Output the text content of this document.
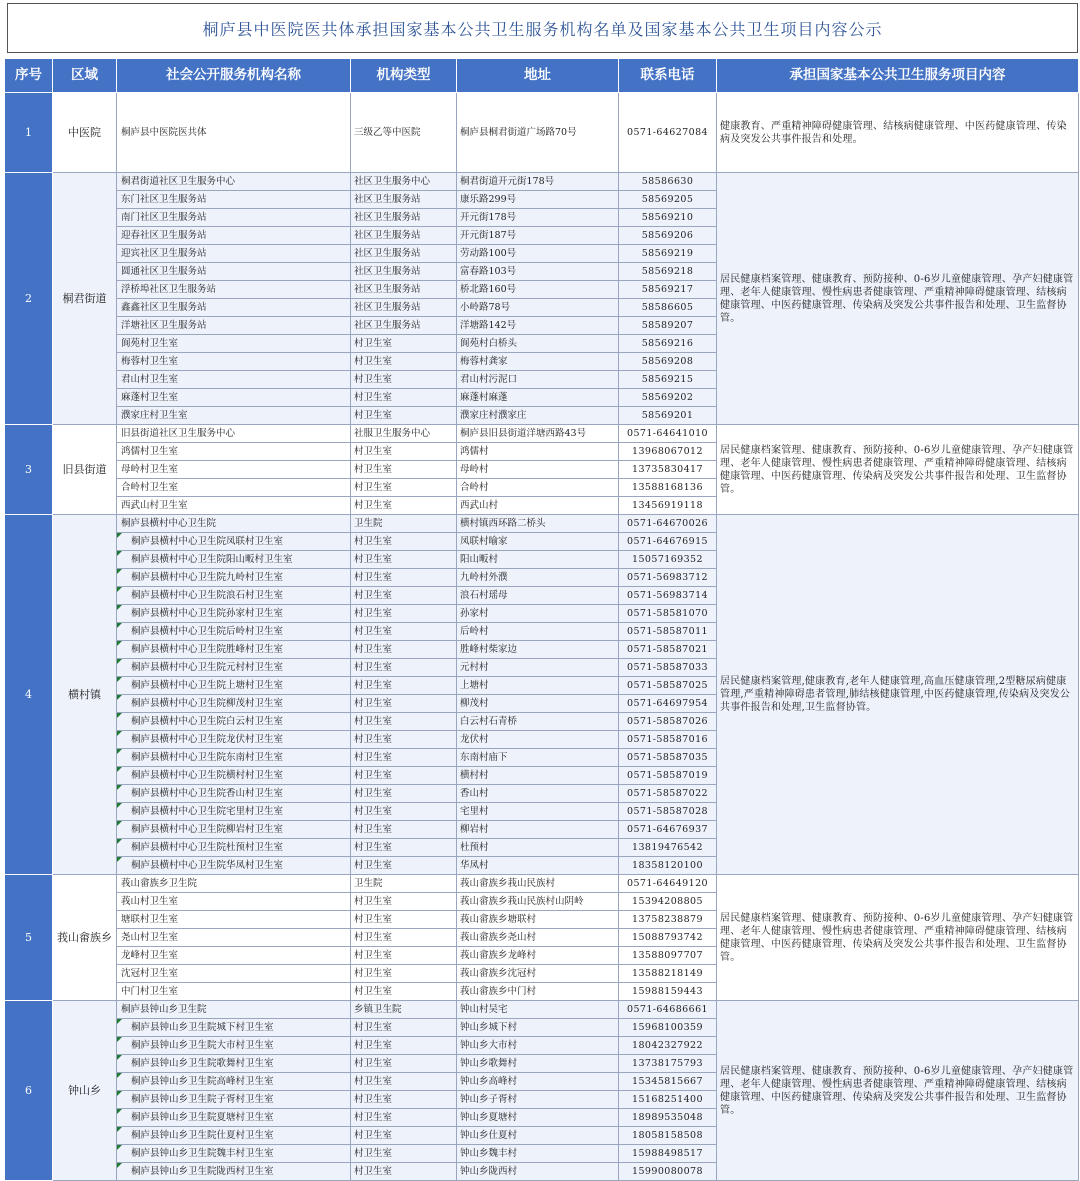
桐庐县中医院医共体承担国家基本公共卫生服务机构名单及国家基本公共卫生项目内容公示
序号	区域	社会公开服务机构名称	机构类型	地址	联系电话	承担国家基本公共卫生服务项目内容
1	中医院	桐庐县中医院医共体	三级乙等中医院	桐庐县桐君街道广场路70号	0571-64627084	健康教育、严重精神障碍健康管理、结核病健康管理、中医药健康管理、传染病及突发公共事件报告和处理。
2	桐君街道	桐君街道社区卫生服务中心	社区卫生服务中心	桐君街道开元街178号	58586630	居民健康档案管理、健康教育、预防接种、0-6岁儿童健康管理、孕产妇健康管理、老年人健康管理、慢性病患者健康管理、严重精神障碍健康管理、结核病健康管理、中医药健康管理、传染病及突发公共事件报告和处理、卫生监督协管。
		东门社区卫生服务站	社区卫生服务站	康乐路299号	58569205	
		南门社区卫生服务站	社区卫生服务站	开元街178号	58569210	
		迎春社区卫生服务站	社区卫生服务站	开元街187号	58569206	
		迎宾社区卫生服务站	社区卫生服务站	劳动路100号	58569219	
		圆通社区卫生服务站	社区卫生服务站	富春路103号	58569218	
		浮桥埠社区卫生服务站	社区卫生服务站	桥北路160号	58569217	
		鑫鑫社区卫生服务站	社区卫生服务站	小岭路78号	58586605	
		洋塘社区卫生服务站	社区卫生服务站	洋塘路142号	58589207	
		阆苑村卫生室	村卫生室	阆苑村白桥头	58569216	
		梅蓉村卫生室	村卫生室	梅蓉村龚家	58569208	
		君山村卫生室	村卫生室	君山村污泥口	58569215	
		麻蓬村卫生室	村卫生室	麻蓬村麻蓬	58569202	
		濮家庄村卫生室	村卫生室	濮家庄村濮家庄	58569201	
3	旧县街道	旧县街道社区卫生服务中心	社服卫生服务中心	桐庐县旧县街道洋塘西路43号	0571-64641010	居民健康档案管理、健康教育、预防接种、0-6岁儿童健康管理、孕产妇健康管理、老年人健康管理、慢性病患者健康管理、严重精神障碍健康管理、结核病健康管理、中医药健康管理、传染病及突发公共事件报告和处理、卫生监督协管。
		鸿儒村卫生室	村卫生室	鸿儒村	13968067012	
		母岭村卫生室	村卫生室	母岭村	13735830417	
		合岭村卫生室	村卫生室	合岭村	13588168136	
		西武山村卫生室	村卫生室	西武山村	13456919118	
4	横村镇	桐庐县横村中心卫生院	卫生院	横村镇西环路二桥头	0571-64670026	居民健康档案管理,健康教育,老年人健康管理,高血压健康管理,2型糖尿病健康管理,严重精神障碍患者管理,肺结核健康管理,中医药健康管理,传染病及突发公共事件报告和处理,卫生监督协管。
		桐庐县横村中心卫生院凤联村卫生室	村卫生室	凤联村喻家	0571-64676915	
		桐庐县横村中心卫生院阳山畈村卫生室	村卫生室	阳山畈村	15057169352	
		桐庐县横村中心卫生院九岭村卫生室	村卫生室	九岭村外濮	0571-56983712	
		桐庐县横村中心卫生院浪石村卫生室	村卫生室	浪石村瑶母	0571-56983714	
		桐庐县横村中心卫生院孙家村卫生室	村卫生室	孙家村	0571-58581070	
		桐庐县横村中心卫生院后岭村卫生室	村卫生室	后岭村	0571-58587011	
		桐庐县横村中心卫生院胜峰村卫生室	村卫生室	胜峰村柴家边	0571-58587021	
		桐庐县横村中心卫生院元村村卫生室	村卫生室	元村村	0571-58587033	
		桐庐县横村中心卫生院上塘村卫生室	村卫生室	上塘村	0571-58587025	
		桐庐县横村中心卫生院柳茂村卫生室	村卫生室	柳茂村	0571-64697954	
		桐庐县横村中心卫生院白云村卫生室	村卫生室	白云村石青桥	0571-58587026	
		桐庐县横村中心卫生院龙伏村卫生室	村卫生室	龙伏村	0571-58587016	
		桐庐县横村中心卫生院东南村卫生室	村卫生室	东南村庙下	0571-58587035	
		桐庐县横村中心卫生院横村村卫生室	村卫生室	横村村	0571-58587019	
		桐庐县横村中心卫生院香山村卫生室	村卫生室	香山村	0571-58587022	
		桐庐县横村中心卫生院宅里村卫生室	村卫生室	宅里村	0571-58587028	
		桐庐县横村中心卫生院柳岩村卫生室	村卫生室	柳岩村	0571-64676937	
		桐庐县横村中心卫生院杜预村卫生室	村卫生室	杜预村	13819476542	
		桐庐县横村中心卫生院华凤村卫生室	村卫生室	华凤村	18358120100	
5	莪山畲族乡	莪山畲族乡卫生院	卫生院	莪山畲族乡莪山民族村	0571-64649120	居民健康档案管理、健康教育、预防接种、0-6岁儿童健康管理、孕产妇健康管理、老年人健康管理、慢性病患者健康管理、严重精神障碍健康管理、结核病健康管理、中医药健康管理、传染病及突发公共事件报告和处理、卫生监督协管。
		莪山村卫生室	村卫生室	莪山畲族乡莪山民族村山阴岭	15394208805	
		塘联村卫生室	村卫生室	莪山畲族乡塘联村	13758238879	
		尧山村卫生室	村卫生室	莪山畲族乡尧山村	15088793742	
		龙峰村卫生室	村卫生室	莪山畲族乡龙峰村	13588097707	
		沈冠村卫生室	村卫生室	莪山畲族乡沈冠村	13588218149	
		中门村卫生室	村卫生室	莪山畲族乡中门村	15988159443	
6	钟山乡	桐庐县钟山乡卫生院	乡镇卫生院	钟山村吴宅	0571-64686661	居民健康档案管理、健康教育、预防接种、0-6岁儿童健康管理、孕产妇健康管理、老年人健康管理、慢性病患者健康管理、严重精神障碍健康管理、结核病健康管理、中医药健康管理、传染病及突发公共事件报告和处理、卫生监督协管。
		桐庐县钟山乡卫生院城下村卫生室	村卫生室	钟山乡城下村	15968100359	
		桐庐县钟山乡卫生院大市村卫生室	村卫生室	钟山乡大市村	18042327922	
		桐庐县钟山乡卫生院歌舞村卫生室	村卫生室	钟山乡歌舞村	13738175793	
		桐庐县钟山乡卫生院高峰村卫生室	村卫生室	钟山乡高峰村	15345815667	
		桐庐县钟山乡卫生院子胥村卫生室	村卫生室	钟山乡子胥村	15168251400	
		桐庐县钟山乡卫生院夏塘村卫生室	村卫生室	钟山乡夏塘村	18989535048	
		桐庐县钟山乡卫生院仕夏村卫生室	村卫生室	钟山乡仕夏村	18058158508	
		桐庐县钟山乡卫生院魏丰村卫生室	村卫生室	钟山乡魏丰村	15988498517	
		桐庐县钟山乡卫生院陇西村卫生室	村卫生室	钟山乡陇西村	15990080078	
